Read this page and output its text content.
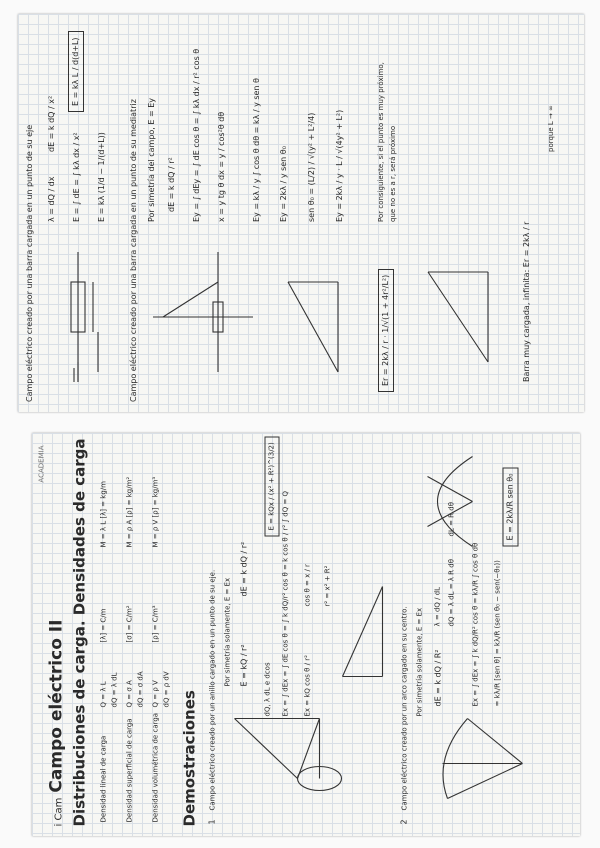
Campo eléctrico creado por una barra cargada en un punto de su eje λ = dQ / dx
dE = k dQ / x²
E = ∫ dE = ∫ kλ dx / x² E = kλ (1/d − 1/(d+L))
E = kλ L / d(d+L)
Campo eléctrico creado por una barra cargada en un punto de su mediatriz Por simetría del campo, E = Ey dE = k dQ / r² Ey = ∫ dEy = ∫ dE cos θ = ∫ kλ dx / r² cos θ x = y tg θ dx = y / cos²θ dθ	Ey = kλ / y ∫ cos θ dθ = kλ / y sen θ Ey = 2kλ / y sen θ₀ sen θ₀ = (L/2) / √(y² + L²/4) Ey = 2kλ / y · L / √(4y² + L²)
Er = 2kλ / r · 1/√(1 + 4r²/L²)
Por consiguiente, si el punto es muy próximo, que no es a r, será próximo
Barra muy cargada, infinita: Er = 2kλ / r
porque L → ∞
ACADEMIA
i Cam Campo eléctrico II Distribuciones de carga. Densidades de carga Densidad lineal de carga
Q = λ L dQ = λ dL
[λ] = C/m
M = λ L [λ] = kg/m
Densidad superficial de carga
Q = σ A dQ = σ dA
[σ] = C/m²
M = ρ A [ρ] = kg/m²
Densidad volumétrica de carga
Q = ρ V dQ = ρ dV
[ρ] = C/m³
M = ρ V [ρ] = kg/m³
Demostraciones 1
Campo eléctrico creado por un anillo cargado en un punto de su eje. Por simetría solamente, E = Ex E = kQ / r²
dE = k dQ / r²
dQ, λ dL e dcos Ex = ∫ dEx = ∫ dE cos θ = ∫ k dQ/r² cos θ = k cos θ / r² ∫ dQ = Q Ex = kQ cos θ / r²
cos θ = x / r r² = x² + R²
E = kQx / (x² + R²)^(3/2)
2
Campo eléctrico creado por un arco cargado en su centro. Por simetría solamente, E = Ex dE = k dQ / R²
λ = dQ / dL dQ = λ dL = λ R dθ Ex = ∫ dEx = ∫ k dQ/R² cos θ = kλ/R ∫ cos θ dθ = kλ/R [sen θ] = kλ/R (sen θ₀ − sen(−θ₀))
dL = R dθ	E = 2kλ/R sen θ₀
